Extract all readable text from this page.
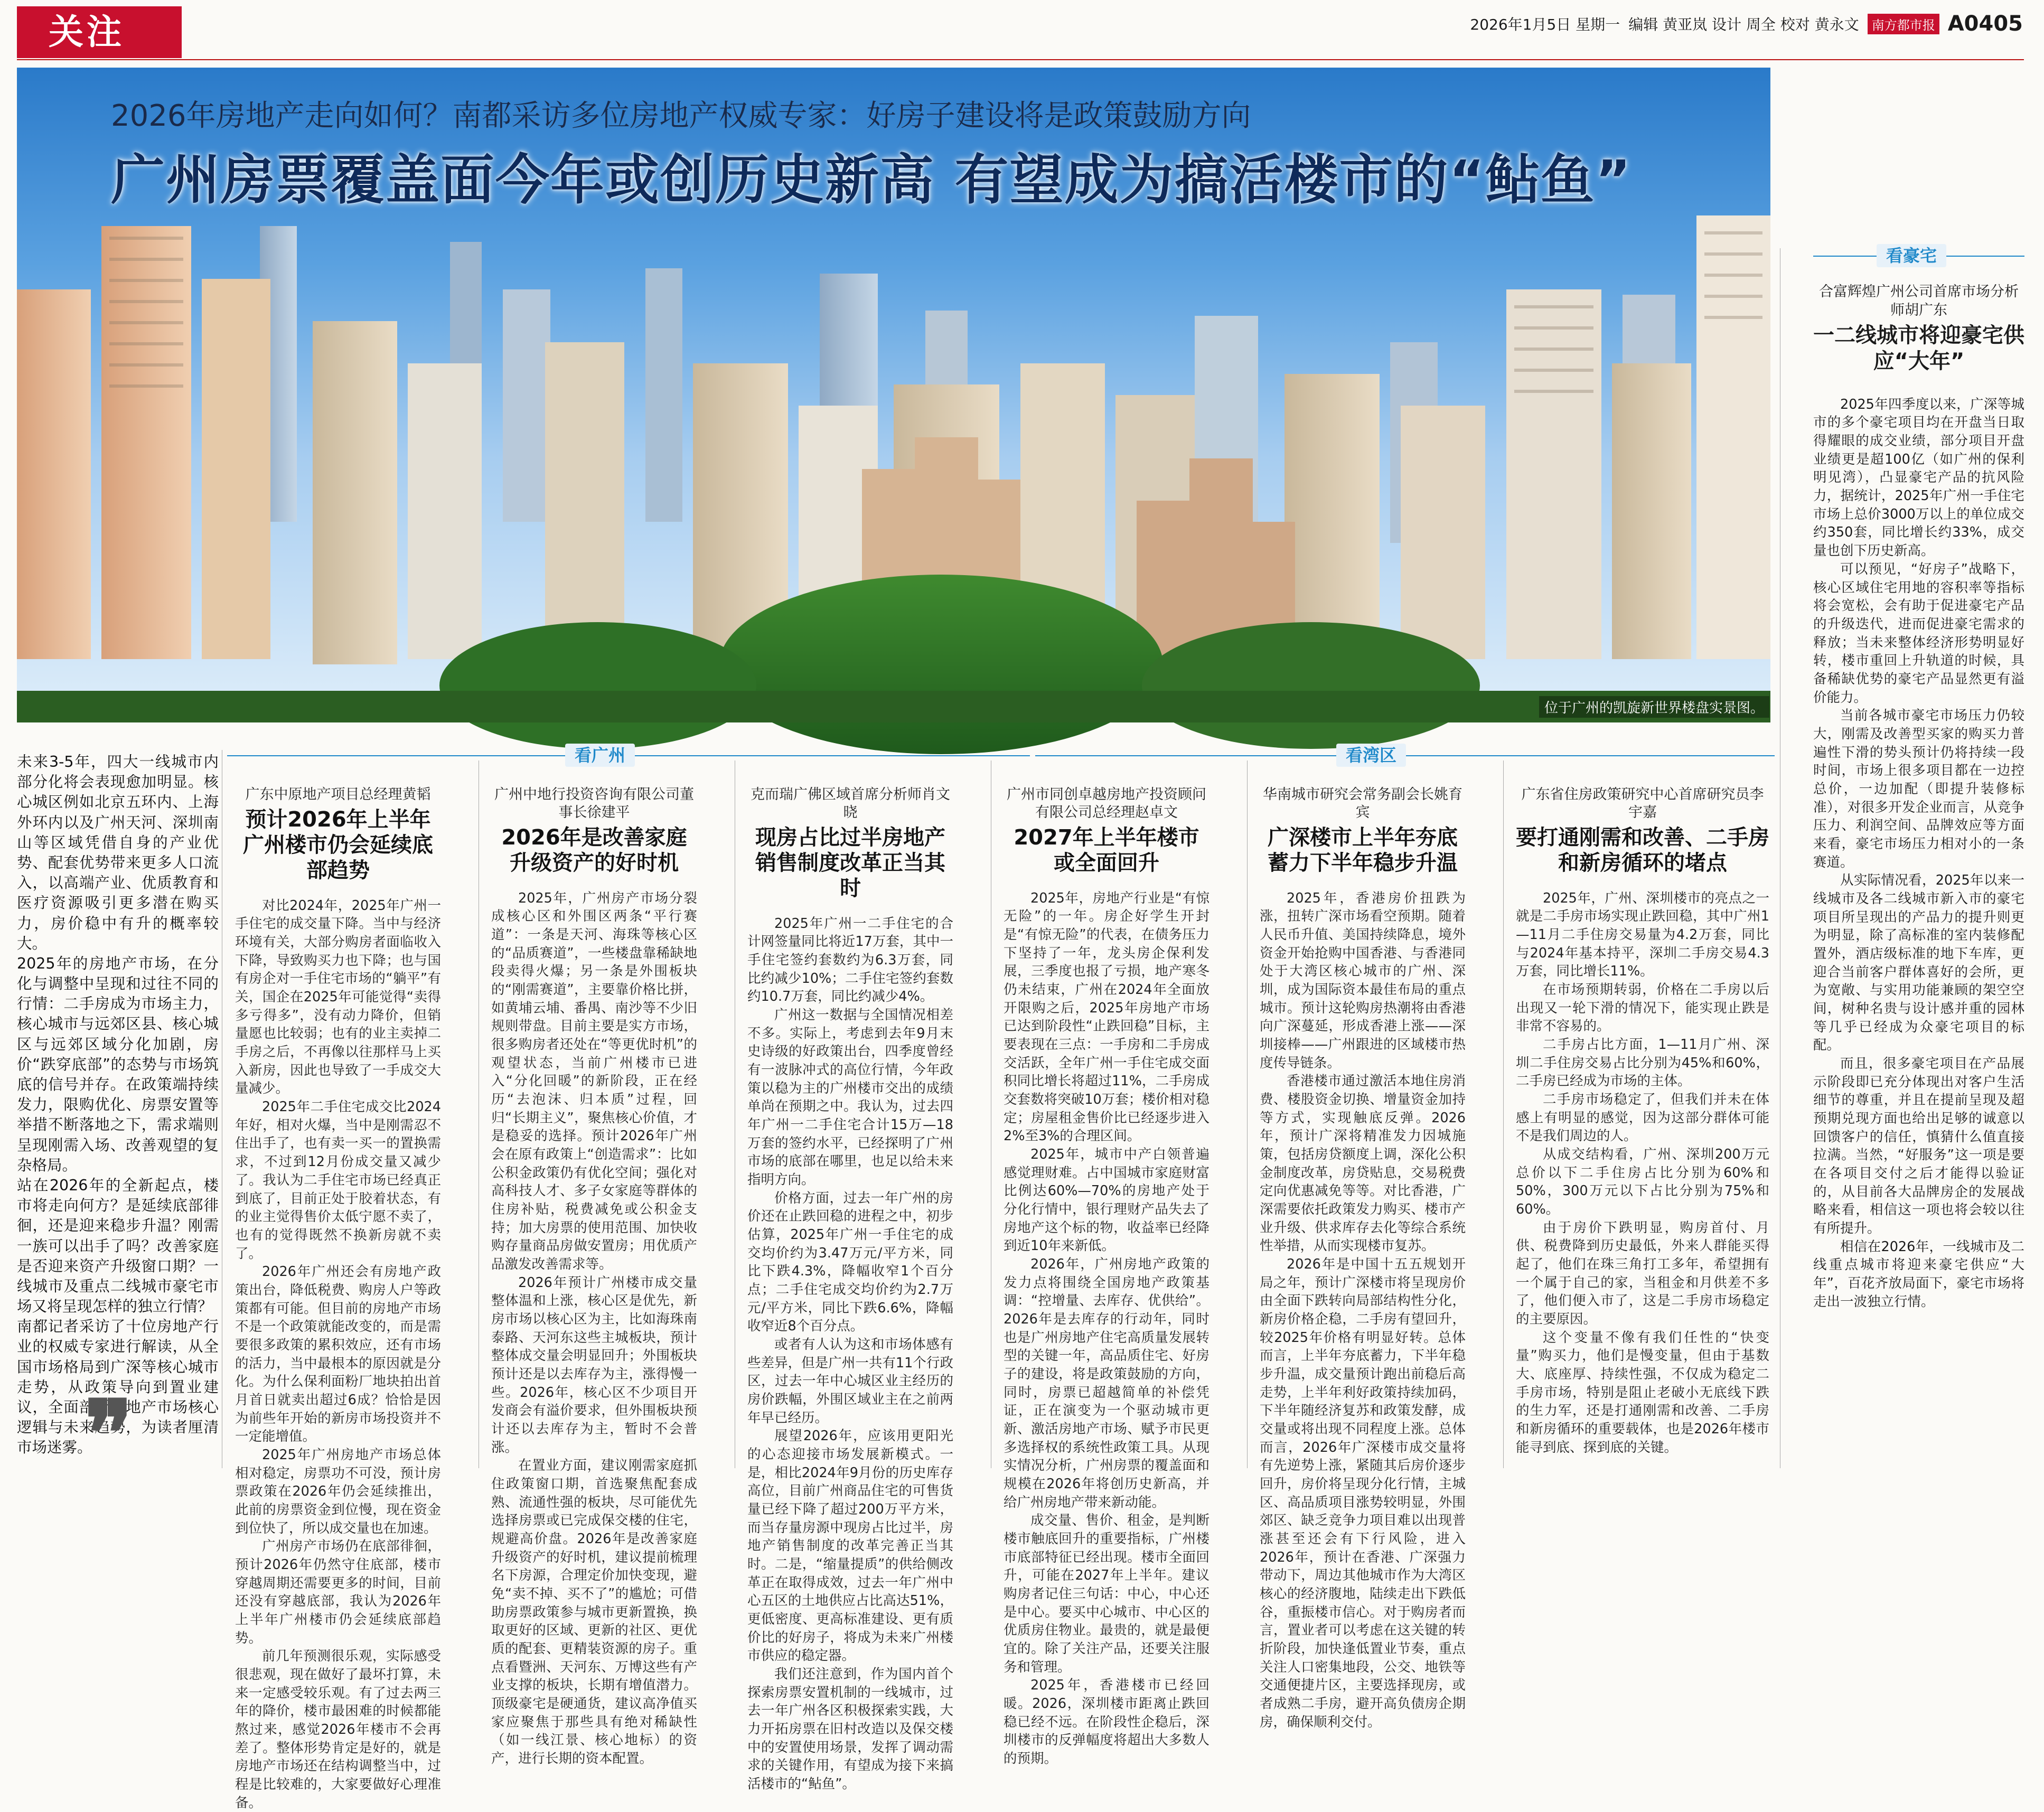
关注	2026年1月5日 星期一 编辑 黄亚岚 设计 周全 校对 黄永文	南方都市报 A0405
2026年房地产走向如何？南都采访多位房地产权威专家：好房子建设将是政策鼓励方向
广州房票覆盖面今年或创历史新高 有望成为搞活楼市的“鲇鱼”
位于广州的凯旋新世界楼盘实景图。

未来3-5年，四大一线城市内部分化将会表现愈加明显。核心城区例如北京五环内、上海外环内以及广州天河、深圳南山等区域凭借自身的产业优势、配套优势带来更多人口流入，以高端产业、优质教育和医疗资源吸引更多潜在购买力，房价稳中有升的概率较大。

2025年的房地产市场，在分化与调整中呈现和过往不同的行情：二手房成为市场主力，核心城市与远郊区县、核心城区与远郊区域分化加剧，房价“跌穿底部”的态势与市场筑底的信号并存。在政策端持续发力，限购优化、房票安置等举措不断落地之下，需求端则呈现刚需入场、改善观望的复杂格局。

站在2026年的全新起点，楼市将走向何方？是延续底部徘徊，还是迎来稳步升温？刚需一族可以出手了吗？改善家庭是否迎来资产升级窗口期？一线城市及重点二线城市豪宅市场又将呈现怎样的独立行情？

南都记者采访了十位房地产行业的权威专家进行解读，从全国市场格局到广深等核心城市走势，从政策导向到置业建议，全面剖析房地产市场核心逻辑与未来趋势，为读者厘清市场迷雾。

❞
看广州	看湾区
看豪宅
广东中原地产项目总经理黄韬
预计2026年上半年广州楼市仍会延续底部趋势

对比2024年，2025年广州一手住宅的成交量下降。当中与经济环境有关，大部分购房者面临收入下降，导致购买力也下降；也与国有房企对一手住宅市场的“躺平”有关，国企在2025年可能觉得“卖得多亏得多”，没有动力降价，但销量愿也比较弱；也有的业主卖掉二手房之后，不再像以往那样马上买入新房，因此也导致了一手成交大量减少。

2025年二手住宅成交比2024年好，相对火爆，当中是刚需忍不住出手了，也有卖一买一的置换需求，不过到12月份成交量又减少了。我认为二手住宅市场已经真正到底了，目前正处于胶着状态，有的业主觉得售价太低宁愿不卖了，也有的觉得既然不换新房就不卖了。

2026年广州还会有房地产政策出台，降低税费、购房人户等政策都有可能。但目前的房地产市场不是一个政策就能改变的，而是需要很多政策的累积效应，还有市场的活力，当中最根本的原因就是分化。为什么保利面粉厂地块拍出首月首日就卖出超过6成？恰恰是因为前些年开始的新房市场投资并不一定能增值。

2025年广州房地产市场总体相对稳定，房票功不可没，预计房票政策在2026年仍会延续推出，此前的房票资金到位慢，现在资金到位快了，所以成交量也在加速。

广州房产市场仍在底部徘徊，预计2026年仍然守住底部，楼市穿越周期还需要更多的时间，目前还没有穿越底部，我认为2026年上半年广州楼市仍会延续底部趋势。

前几年预测很乐观，实际感受很悲观，现在做好了最坏打算，未来一定感受较乐观。有了过去两三年的降价，楼市最困难的时候都能熬过来，感觉2026年楼市不会再差了。整体形势肯定是好的，就是房地产市场还在结构调整当中，过程是比较难的，大家要做好心理准备。

广州中地行投资咨询有限公司董事长徐建平
2026年是改善家庭升级资产的好时机

2025年，广州房产市场分裂成核心区和外围区两条“平行赛道”：一条是天河、海珠等核心区的“品质赛道”，一些楼盘靠稀缺地段卖得火爆；另一条是外围板块的“刚需赛道”，主要靠价格比拼，如黄埔云埔、番禺、南沙等不少旧规则带盘。目前主要是实方市场，很多购房者还处在“等更优时机”的观望状态，当前广州楼市已进入“分化回暖”的新阶段，正在经历“去泡沫、归本质”过程，回归“长期主义”，聚焦核心价值，才是稳妥的选择。预计2026年广州会在原有政策上“创造需求”：比如公积金政策仍有优化空间；强化对高科技人才、多子女家庭等群体的住房补贴，税费减免或公积金支持；加大房票的使用范围、加快收购存量商品房做安置房；用优质产品激发改善需求等。

2026年预计广州楼市成交量整体温和上涨，核心区是优先，新房市场以核心区为主，比如海珠南泰路、天河东这些主城板块，预计整体成交量会明显回升；外围板块预计还是以去库存为主，涨得慢一些。2026年，核心区不少项目开发商会有溢价要求，但外围板块预计还以去库存为主，暂时不会普涨。

在置业方面，建议刚需家庭抓住政策窗口期，首选聚焦配套成熟、流通性强的板块，尽可能优先选择房票或已完成保交楼的住宅，规避高价盘。2026年是改善家庭升级资产的好时机，建议提前梳理名下房源，合理定价加快变现，避免“卖不掉、买不了”的尴尬；可借助房票政策参与城市更新置换，换取更好的区域、更新的社区、更优质的配套、更精装资源的房子。重点看暨洲、天河东、万博这些有产业支撑的板块，长期有增值潜力。顶级豪宅是硬通货，建议高净值买家应聚焦于那些具有绝对稀缺性（如一线江景、核心地标）的资产，进行长期的资本配置。

克而瑞广佛区域首席分析师肖文晓
现房占比过半房地产销售制度改革正当其时

2025年广州一二手住宅的合计网签量同比将近17万套，其中一手住宅签约套数约为6.3万套，同比约减少10%；二手住宅签约套数约10.7万套，同比约减少4%。

广州这一数据与全国情况相差不多。实际上，考虑到去年9月末史诗级的好政策出台，四季度曾经有一波脉冲式的高位行情，今年政策以稳为主的广州楼市交出的成绩单尚在预期之中。我认为，过去四年广州一二手住宅合计15万—18万套的签约水平，已经探明了广州市场的底部在哪里，也足以给未来指明方向。

价格方面，过去一年广州的房价还在止跌回稳的进程之中，初步估算，2025年广州一手住宅的成交均价约为3.47万元/平方米，同比下跌4.3%，降幅收窄1个百分点；二手住宅成交均价约为2.7万元/平方米，同比下跌6.6%，降幅收窄近8个百分点。

或者有人认为这和市场体感有些差异，但是广州一共有11个行政区，过去一年中心城区业主经历的房价跌幅，外围区域业主在之前两年早已经历。

展望2026年，应该用更阳光的心态迎接市场发展新模式。一是，相比2024年9月份的历史库存高位，目前广州商品住宅的可售货量已经下降了超过200万平方米，而当存量房源中现房占比过半，房地产销售制度的改革完善正当其时。二是，“缩量提质”的供给侧改革正在取得成效，过去一年广州中心五区的土地供应占比高达51%，更低密度、更高标准建设、更有质价比的好房子，将成为未来广州楼市供应的稳定器。

我们还注意到，作为国内首个探索房票安置机制的一线城市，过去一年广州各区积极探索实践，大力开拓房票在旧村改造以及保交楼中的安置使用场景，发挥了调动需求的关键作用，有望成为接下来搞活楼市的“鲇鱼”。

广州市同创卓越房地产投资顾问有限公司总经理赵卓文
2027年上半年楼市或全面回升

2025年，房地产行业是“有惊无险”的一年。房企好学生开封是“有惊无险”的代表，在债务压力下坚持了一年，龙头房企保利发展，三季度也报了亏损，地产寒冬仍未结束，广州在2024年全面放开限购之后，2025年房地产市场已达到阶段性“止跌回稳”目标，主要表现在三点：一手房和二手房成交活跃，全年广州一手住宅成交面积同比增长将超过11%，二手房成交套数将突破10万套；楼价相对稳定；房屋租金售价比已经逐步进入2%至3%的合理区间。

2025年，城市中产白领普遍感觉理财难。占中国城市家庭财富比例达60%—70%的房地产处于分化行情中，银行理财产品失去了房地产这个标的物，收益率已经降到近10年来新低。

2026年，广州房地产政策的发力点将围绕全国房地产政策基调：“控增量、去库存、优供给”。2026年是去库存的行动年，同时也是广州房地产住宅高质量发展转型的关键一年，高品质住宅、好房子的建设，将是政策鼓励的方向，同时，房票已超越简单的补偿凭证，正在演变为一个驱动城市更新、激活房地产市场、赋予市民更多选择权的系统性政策工具。从现实情况分析，广州房票的覆盖面和规模在2026年将创历史新高，并给广州房地产带来新动能。

成交量、售价、租金，是判断楼市触底回升的重要指标，广州楼市底部特征已经出现。楼市全面回升，可能在2027年上半年。建议购房者记住三句话：中心，中心还是中心。要买中心城市、中心区的优质房住物业。最贵的，就是最便宜的。除了关注产品，还要关注服务和管理。

2025年，香港楼市已经回暖。2026，深圳楼市距离止跌回稳已经不远。在阶段性企稳后，深圳楼市的反弹幅度将超出大多数人的预期。

华南城市研究会常务副会长姚育宾
广深楼市上半年夯底蓄力下半年稳步升温

2025年，香港房价扭跌为涨，扭转广深市场看空预期。随着人民币升值、美国持续降息，境外资金开始抢购中国香港、与香港同处于大湾区核心城市的广州、深圳，成为国际资本最佳布局的重点城市。预计这轮购房热潮将由香港向广深蔓延，形成香港上涨——深圳接棒——广州跟进的区域楼市热度传导链条。

香港楼市通过激活本地住房消费、楼股资金切换、增量资金加持等方式，实现触底反弹。2026年，预计广深将精准发力因城施策，包括房贷额度上调，深化公积金制度改革，房贷贴息，交易税费定向优惠减免等等。对比香港，广深需要依托政策发力购买、楼市产业升级、供求库存去化等综合系统性举措，从而实现楼市复苏。

2026年是中国十五五规划开局之年，预计广深楼市将呈现房价由全面下跌转向局部结构性分化，新房价格企稳，二手房有望回升，较2025年价格有明显好转。总体而言，上半年夯底蓄力，下半年稳步升温，成交量预计跑出前稳后高走势，上半年利好政策持续加码，下半年随经济复苏和政策发酵，成交量或将出现不同程度上涨。总体而言，2026年广深楼市成交量将有先逆势上涨，紧随其后房价逐步回升，房价将呈现分化行情，主城区、高品质项目涨势较明显，外围郊区、缺乏竞争力项目难以出现普涨甚至还会有下行风险，进入2026年，预计在香港、广深强力带动下，周边其他城市作为大湾区核心的经济腹地，陆续走出下跌低谷，重振楼市信心。对于购房者而言，置业者可以考虑在这关键的转折阶段，加快逢低置业节奏，重点关注人口密集地段，公交、地铁等交通便捷片区，主要选择现房，或者成熟二手房，避开高负债房企期房，确保顺利交付。

广东省住房政策研究中心首席研究员李宇嘉
要打通刚需和改善、二手房和新房循环的堵点

2025年，广州、深圳楼市的亮点之一就是二手房市场实现止跌回稳，其中广州1—11月二手住房交易量为4.2万套，同比与2024年基本持平，深圳二手房交易4.3万套，同比增长11%。

在市场预期转弱，价格在二手房以后出现又一轮下滑的情况下，能实现止跌是非常不容易的。

二手房占比方面，1—11月广州、深圳二手住房交易占比分别为45%和60%，二手房已经成为市场的主体。

二手房市场稳定了，但我们并未在体感上有明显的感觉，因为这部分群体可能不是我们周边的人。

从成交结构看，广州、深圳200万元总价以下二手住房占比分别为60%和50%，300万元以下占比分别为75%和60%。

由于房价下跌明显，购房首付、月供、税费降到历史最低，外来人群能买得起了，他们在珠三角打工多年，希望拥有一个属于自己的家，当租金和月供差不多了，他们便入市了，这是二手房市场稳定的主要原因。

这个变量不像有我们任性的“快变量”购买力，他们是慢变量，但由于基数大、底座厚、持续性强，不仅成为稳定二手房市场，特别是阻止老破小无底线下跌的生力军，还是打通刚需和改善、二手房和新房循环的重要载体，也是2026年楼市能寻到底、探到底的关键。

合富辉煌广州公司首席市场分析师胡广东
一二线城市将迎豪宅供应“大年”

2025年四季度以来，广深等城市的多个豪宅项目均在开盘当日取得耀眼的成交业绩，部分项目开盘业绩更是超100亿（如广州的保利明见湾），凸显豪宅产品的抗风险力，据统计，2025年广州一手住宅市场上总价3000万以上的单位成交约350套，同比增长约33%，成交量也创下历史新高。

可以预见，“好房子”战略下，核心区域住宅用地的容积率等指标将会宽松，会有助于促进豪宅产品的升级迭代，进而促进豪宅需求的释放；当未来整体经济形势明显好转，楼市重回上升轨道的时候，具备稀缺优势的豪宅产品显然更有溢价能力。

当前各城市豪宅市场压力仍较大，刚需及改善型买家的购买力普遍性下滑的势头预计仍将持续一段时间，市场上很多项目都在一边控总价，一边加配（即提升装修标准），对很多开发企业而言，从竞争压力、利润空间、品牌效应等方面来看，豪宅市场压力相对小的一条赛道。

从实际情况看，2025年以来一线城市及各二线城市新入市的豪宅项目所呈现出的产品力的提升则更为明显，除了高标准的室内装修配置外，酒店级标准的地下车库，更迎合当前客户群体喜好的会所，更为宽敞、与实用功能兼顾的架空空间，树种名贵与设计感并重的园林等几乎已经成为众豪宅项目的标配。

而且，很多豪宅项目在产品展示阶段即已充分体现出对客户生活细节的尊重，并且在提前呈现及超预期兑现方面也给出足够的诚意以回馈客户的信任，慎猜什么值直接拉满。当然，“好服务”这一项是要在各项目交付之后才能得以验证的，从目前各大品牌房企的发展战略来看，相信这一项也将会较以往有所提升。

相信在2026年，一线城市及二线重点城市将迎来豪宅供应“大年”，百花齐放局面下，豪宅市场将走出一波独立行情。
